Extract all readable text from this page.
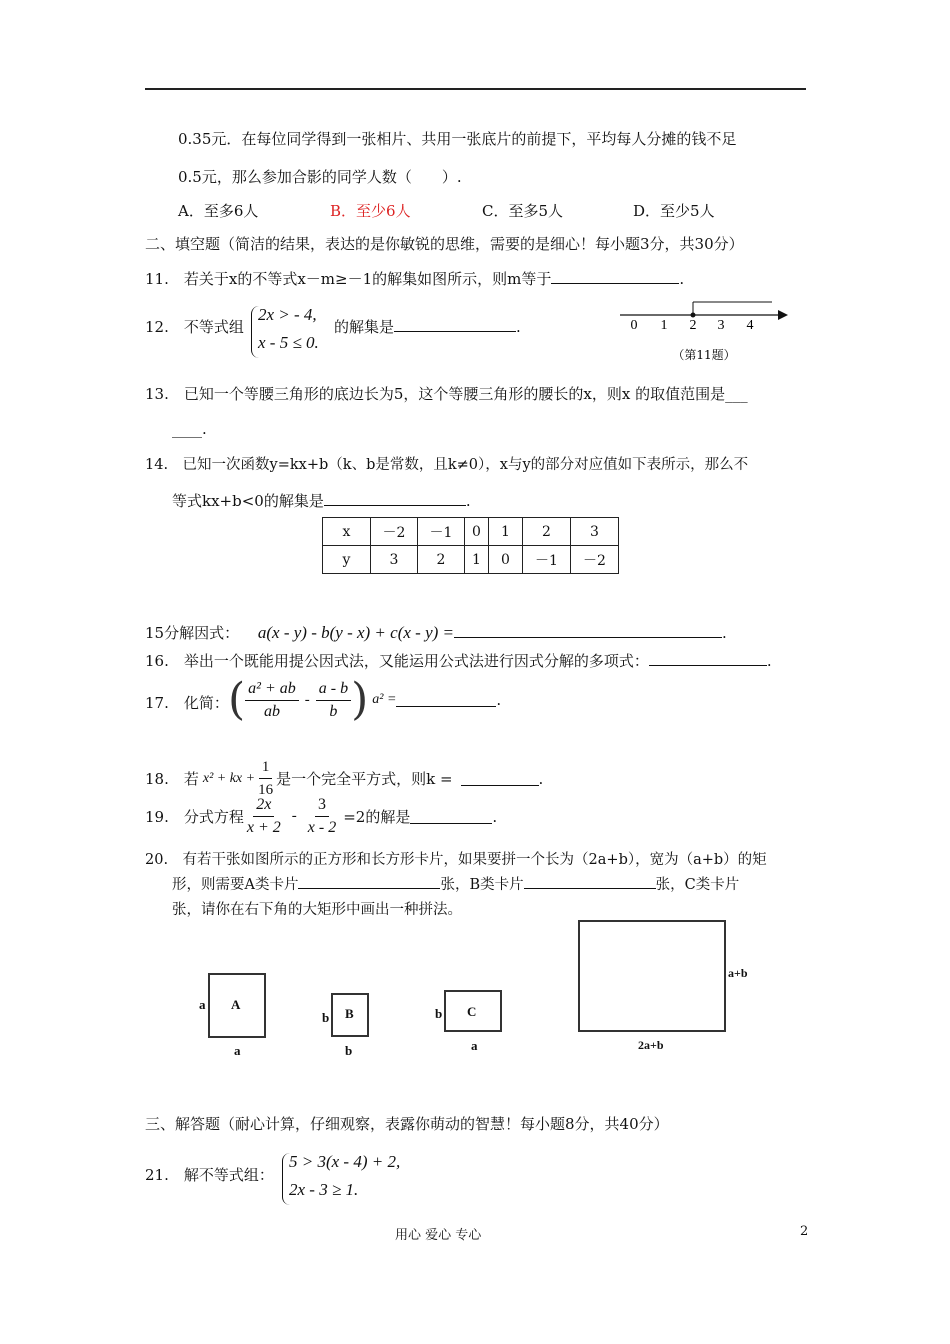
0.35元．在每位同学得到一张相片、共用一张底片的前提下，平均每人分摊的钱不足
0.5元，那么参加合影的同学人数（　　）.
A．至多6人	B．至少6人	C．至多5人	D．至少5人
二、填空题（简洁的结果，表达的是你敏锐的思维，需要的是细心！每小题3分，共30分）
11.　若关于x的不等式x－m≥－1的解集如图所示，则m等于	.
0 1 2 3 4
（第11题）
12.　不等式组
2x > - 4,
x - 5 ≤ 0.
的解集是	.
13.　已知一个等腰三角形的底边长为5，这个等腰三角形的腰长的x，则x 的取值范围是___
____.
14.　已知一次函数y=kx+b（k、b是常数，且k≠0），x与y的部分对应值如下表所示，那么不
等式kx+b<0的解集是	.
x	－2	－1	0	1	2	3
y	3	2	1	0	－1	－2
15分解因式： a(x - y) - b(y - x) + c(x - y) =	.
16.　举出一个既能用提公因式法，又能运用公式法进行因式分解的多项式：	.
17.　化简： ( $\frac{\text{a² + ab}}{ab} - \frac{a - b}{b}$ ) a² =	.
18.　若 x² + kx + $\frac{1}{16}$ 是一个完全平方式，则k =	.
19.　分式方程 $\frac{2x}{x + 2} - \frac{3}{x - 2} =2$的解是	.
20.　有若干张如图所示的正方形和长方形卡片，如果要拼一个长为（2a+b），宽为（a+b）的矩
形，则需要A类卡片	张，B类卡片	张，C类卡片
张，请你在右下角的大矩形中画出一种拼法。
A
a
a
B
b
b
C
b
a
a+b
2a+b
三、解答题（耐心计算，仔细观察，表露你萌动的智慧！每小题8分，共40分）
21.　解不等式组：
5 > 3(x - 4) + 2,
2x - 3 ≥ 1.
用心 爱心 专心	2
